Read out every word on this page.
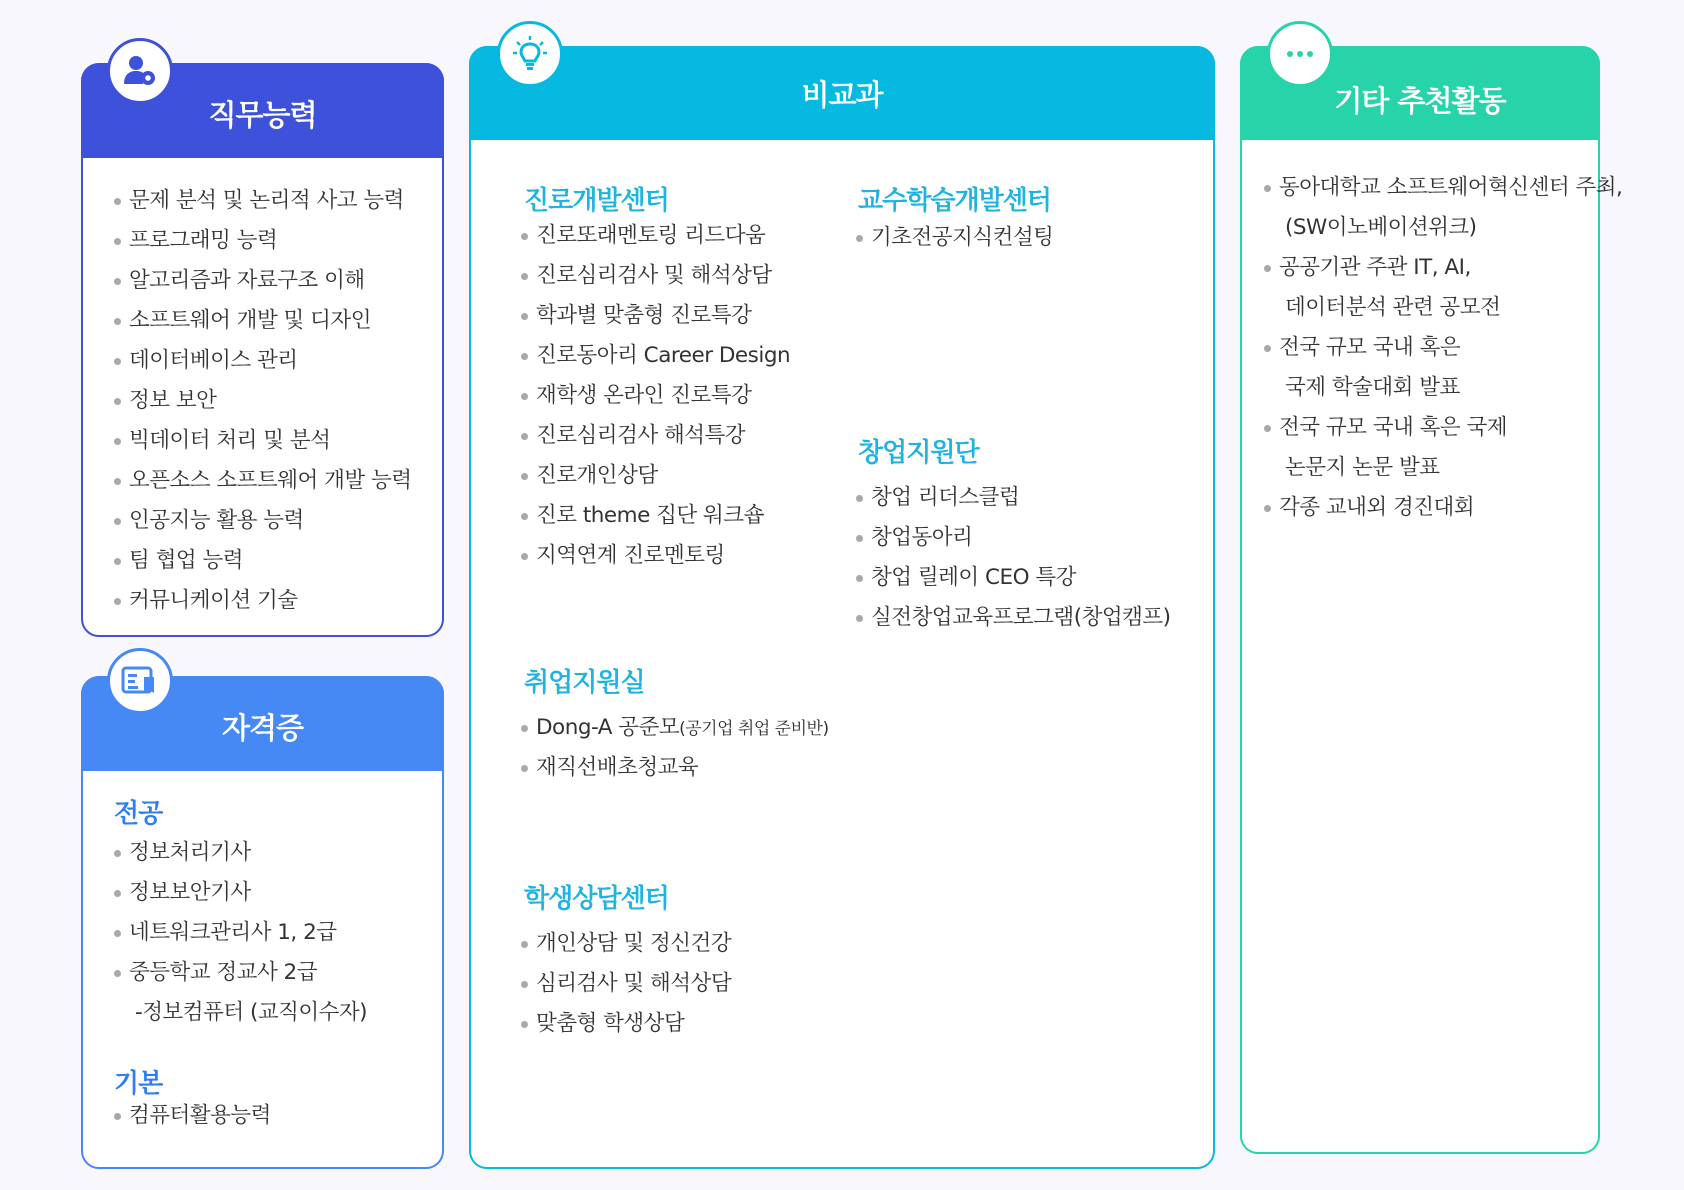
직무능력
문제 분석 및 논리적 사고 능력
프로그래밍 능력
알고리즘과 자료구조 이해
소프트웨어 개발 및 디자인
데이터베이스 관리
정보 보안
빅데이터 처리 및 분석
오픈소스 소프트웨어 개발 능력
인공지능 활용 능력
팀 협업 능력
커뮤니케이션 기술
자격증
전공
정보처리기사
정보보안기사
네트워크관리사 1, 2급
중등학교 정교사 2급
-정보컴퓨터 (교직이수자)
기본
컴퓨터활용능력
비교과
진로개발센터
진로또래멘토링 리드다움
진로심리검사 및 해석상담
학과별 맞춤형 진로특강
진로동아리 Career Design
재학생 온라인 진로특강
진로심리검사 해석특강
진로개인상담
진로 theme 집단 워크숍
지역연계 진로멘토링
교수학습개발센터
기초전공지식컨설팅
창업지원단
창업 리더스클럽
창업동아리
창업 릴레이 CEO 특강
실전창업교육프로그램(창업캠프)
취업지원실
Dong-A 공준모(공기업 취업 준비반)
재직선배초청교육
학생상담센터
개인상담 및 정신건강
심리검사 및 해석상담
맞춤형 학생상담
기타 추천활동
동아대학교 소프트웨어혁신센터 주최,
(SW이노베이션위크)
공공기관 주관 IT, AI,
데이터분석 관련 공모전
전국 규모 국내 혹은
국제 학술대회 발표
전국 규모 국내 혹은 국제
논문지 논문 발표
각종 교내외 경진대회
